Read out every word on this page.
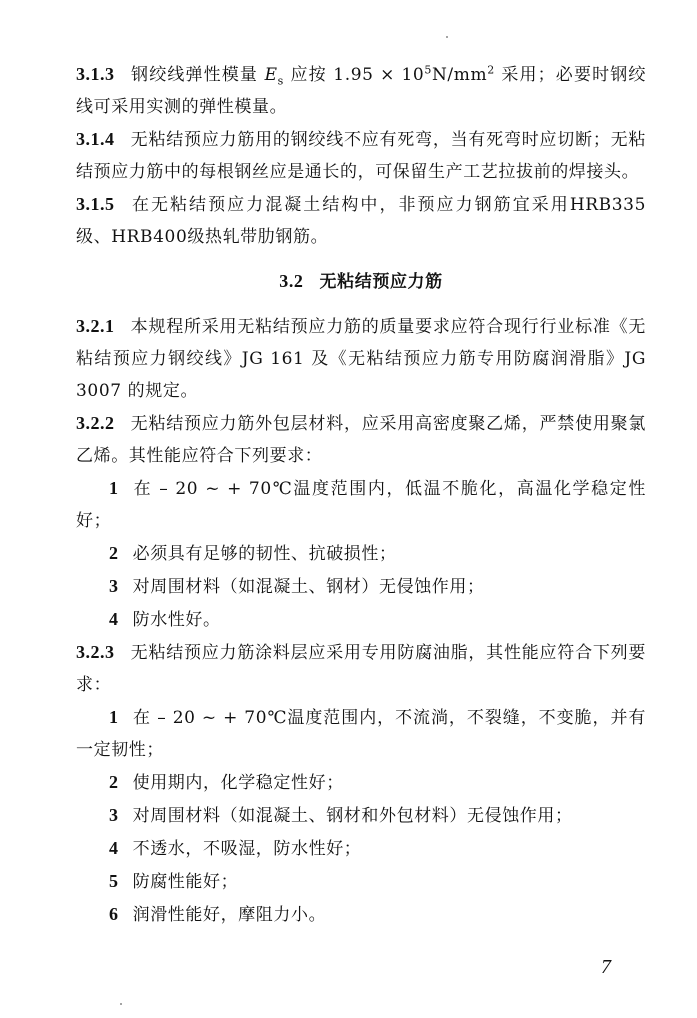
3.1.3 钢绞线弹性模量 $E_s$ 应按 $1.95 \times 10^5N/mm^2$ 采用；必要时钢绞线可采用实测的弹性模量。

3.1.4 无粘结预应力筋用的钢绞线不应有死弯，当有死弯时应切断；无粘结预应力筋中的每根钢丝应是通长的，可保留生产工艺拉拔前的焊接头。

3.1.5 在无粘结预应力混凝土结构中，非预应力钢筋宜采用HRB335级、HRB400级热轧带肋钢筋。

3.2 无粘结预应力筋

3.2.1 本规程所采用无粘结预应力筋的质量要求应符合现行行业标准《无粘结预应力钢绞线》JG 161 及《无粘结预应力筋专用防腐润滑脂》JG 3007 的规定。

3.2.2 无粘结预应力筋外包层材料，应采用高密度聚乙烯，严禁使用聚氯乙烯。其性能应符合下列要求：

1 在 – 20 ~ + 70℃温度范围内，低温不脆化，高温化学稳定性好；

2 必须具有足够的韧性、抗破损性；

3 对周围材料（如混凝土、钢材）无侵蚀作用；

4 防水性好。

3.2.3 无粘结预应力筋涂料层应采用专用防腐油脂，其性能应符合下列要求：

1 在 – 20 ~ + 70℃温度范围内，不流淌，不裂缝，不变脆，并有一定韧性；

2 使用期内，化学稳定性好；

3 对周围材料（如混凝土、钢材和外包材料）无侵蚀作用；

4 不透水，不吸湿，防水性好；

5 防腐性能好；

6 润滑性能好，摩阻力小。

7
